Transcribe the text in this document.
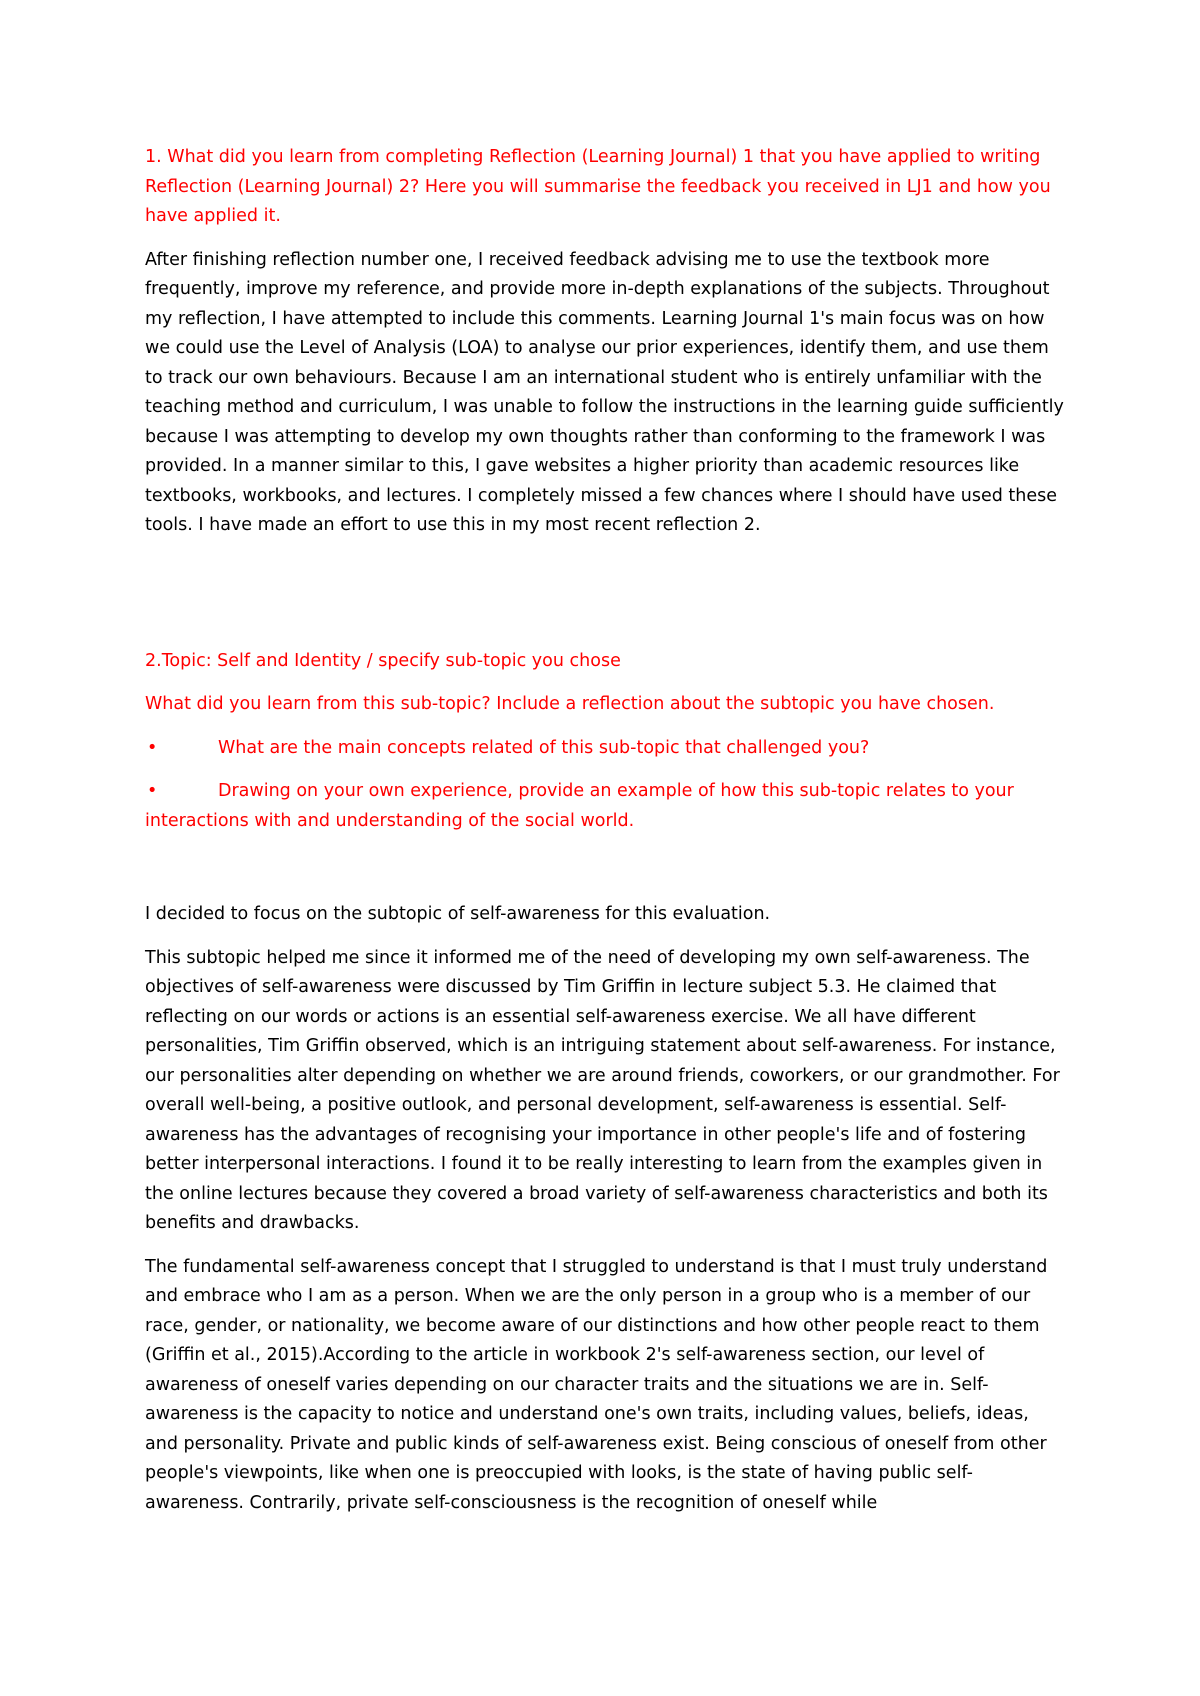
1. What did you learn from completing Reflection (Learning Journal) 1 that you have applied to writing Reflection (Learning Journal) 2? Here you will summarise the feedback you received in LJ1 and how you have applied it.

After finishing reflection number one, I received feedback advising me to use the textbook more frequently, improve my reference, and provide more in-depth explanations of the subjects. Throughout my reflection, I have attempted to include this comments. Learning Journal 1's main focus was on how we could use the Level of Analysis (LOA) to analyse our prior experiences, identify them, and use them to track our own behaviours. Because I am an international student who is entirely unfamiliar with the teaching method and curriculum, I was unable to follow the instructions in the learning guide sufficiently because I was attempting to develop my own thoughts rather than conforming to the framework I was provided. In a manner similar to this, I gave websites a higher priority than academic resources like textbooks, workbooks, and lectures. I completely missed a few chances where I should have used these tools. I have made an effort to use this in my most recent reflection 2.

2.Topic: Self and Identity / specify sub-topic you chose

What did you learn from this sub-topic? Include a reflection about the subtopic you have chosen.

•	What are the main concepts related of this sub-topic that challenged you?
•	Drawing on your own experience, provide an example of how this sub-topic relates to your interactions with and understanding of the social world.

I decided to focus on the subtopic of self-awareness for this evaluation.

This subtopic helped me since it informed me of the need of developing my own self-awareness. The objectives of self-awareness were discussed by Tim Griffin in lecture subject 5.3. He claimed that reflecting on our words or actions is an essential self-awareness exercise. We all have different personalities, Tim Griffin observed, which is an intriguing statement about self-awareness. For instance, our personalities alter depending on whether we are around friends, coworkers, or our grandmother. For overall well-being, a positive outlook, and personal development, self-awareness is essential. Self-awareness has the advantages of recognising your importance in other people's life and of fostering better interpersonal interactions. I found it to be really interesting to learn from the examples given in the online lectures because they covered a broad variety of self-awareness characteristics and both its benefits and drawbacks.

The fundamental self-awareness concept that I struggled to understand is that I must truly understand and embrace who I am as a person. When we are the only person in a group who is a member of our race, gender, or nationality, we become aware of our distinctions and how other people react to them (Griffin et al., 2015).According to the article in workbook 2's self-awareness section, our level of awareness of oneself varies depending on our character traits and the situations we are in. Self-awareness is the capacity to notice and understand one's own traits, including values, beliefs, ideas, and personality. Private and public kinds of self-awareness exist. Being conscious of oneself from other people's viewpoints, like when one is preoccupied with looks, is the state of having public self-awareness. Contrarily, private self-consciousness is the recognition of oneself while
